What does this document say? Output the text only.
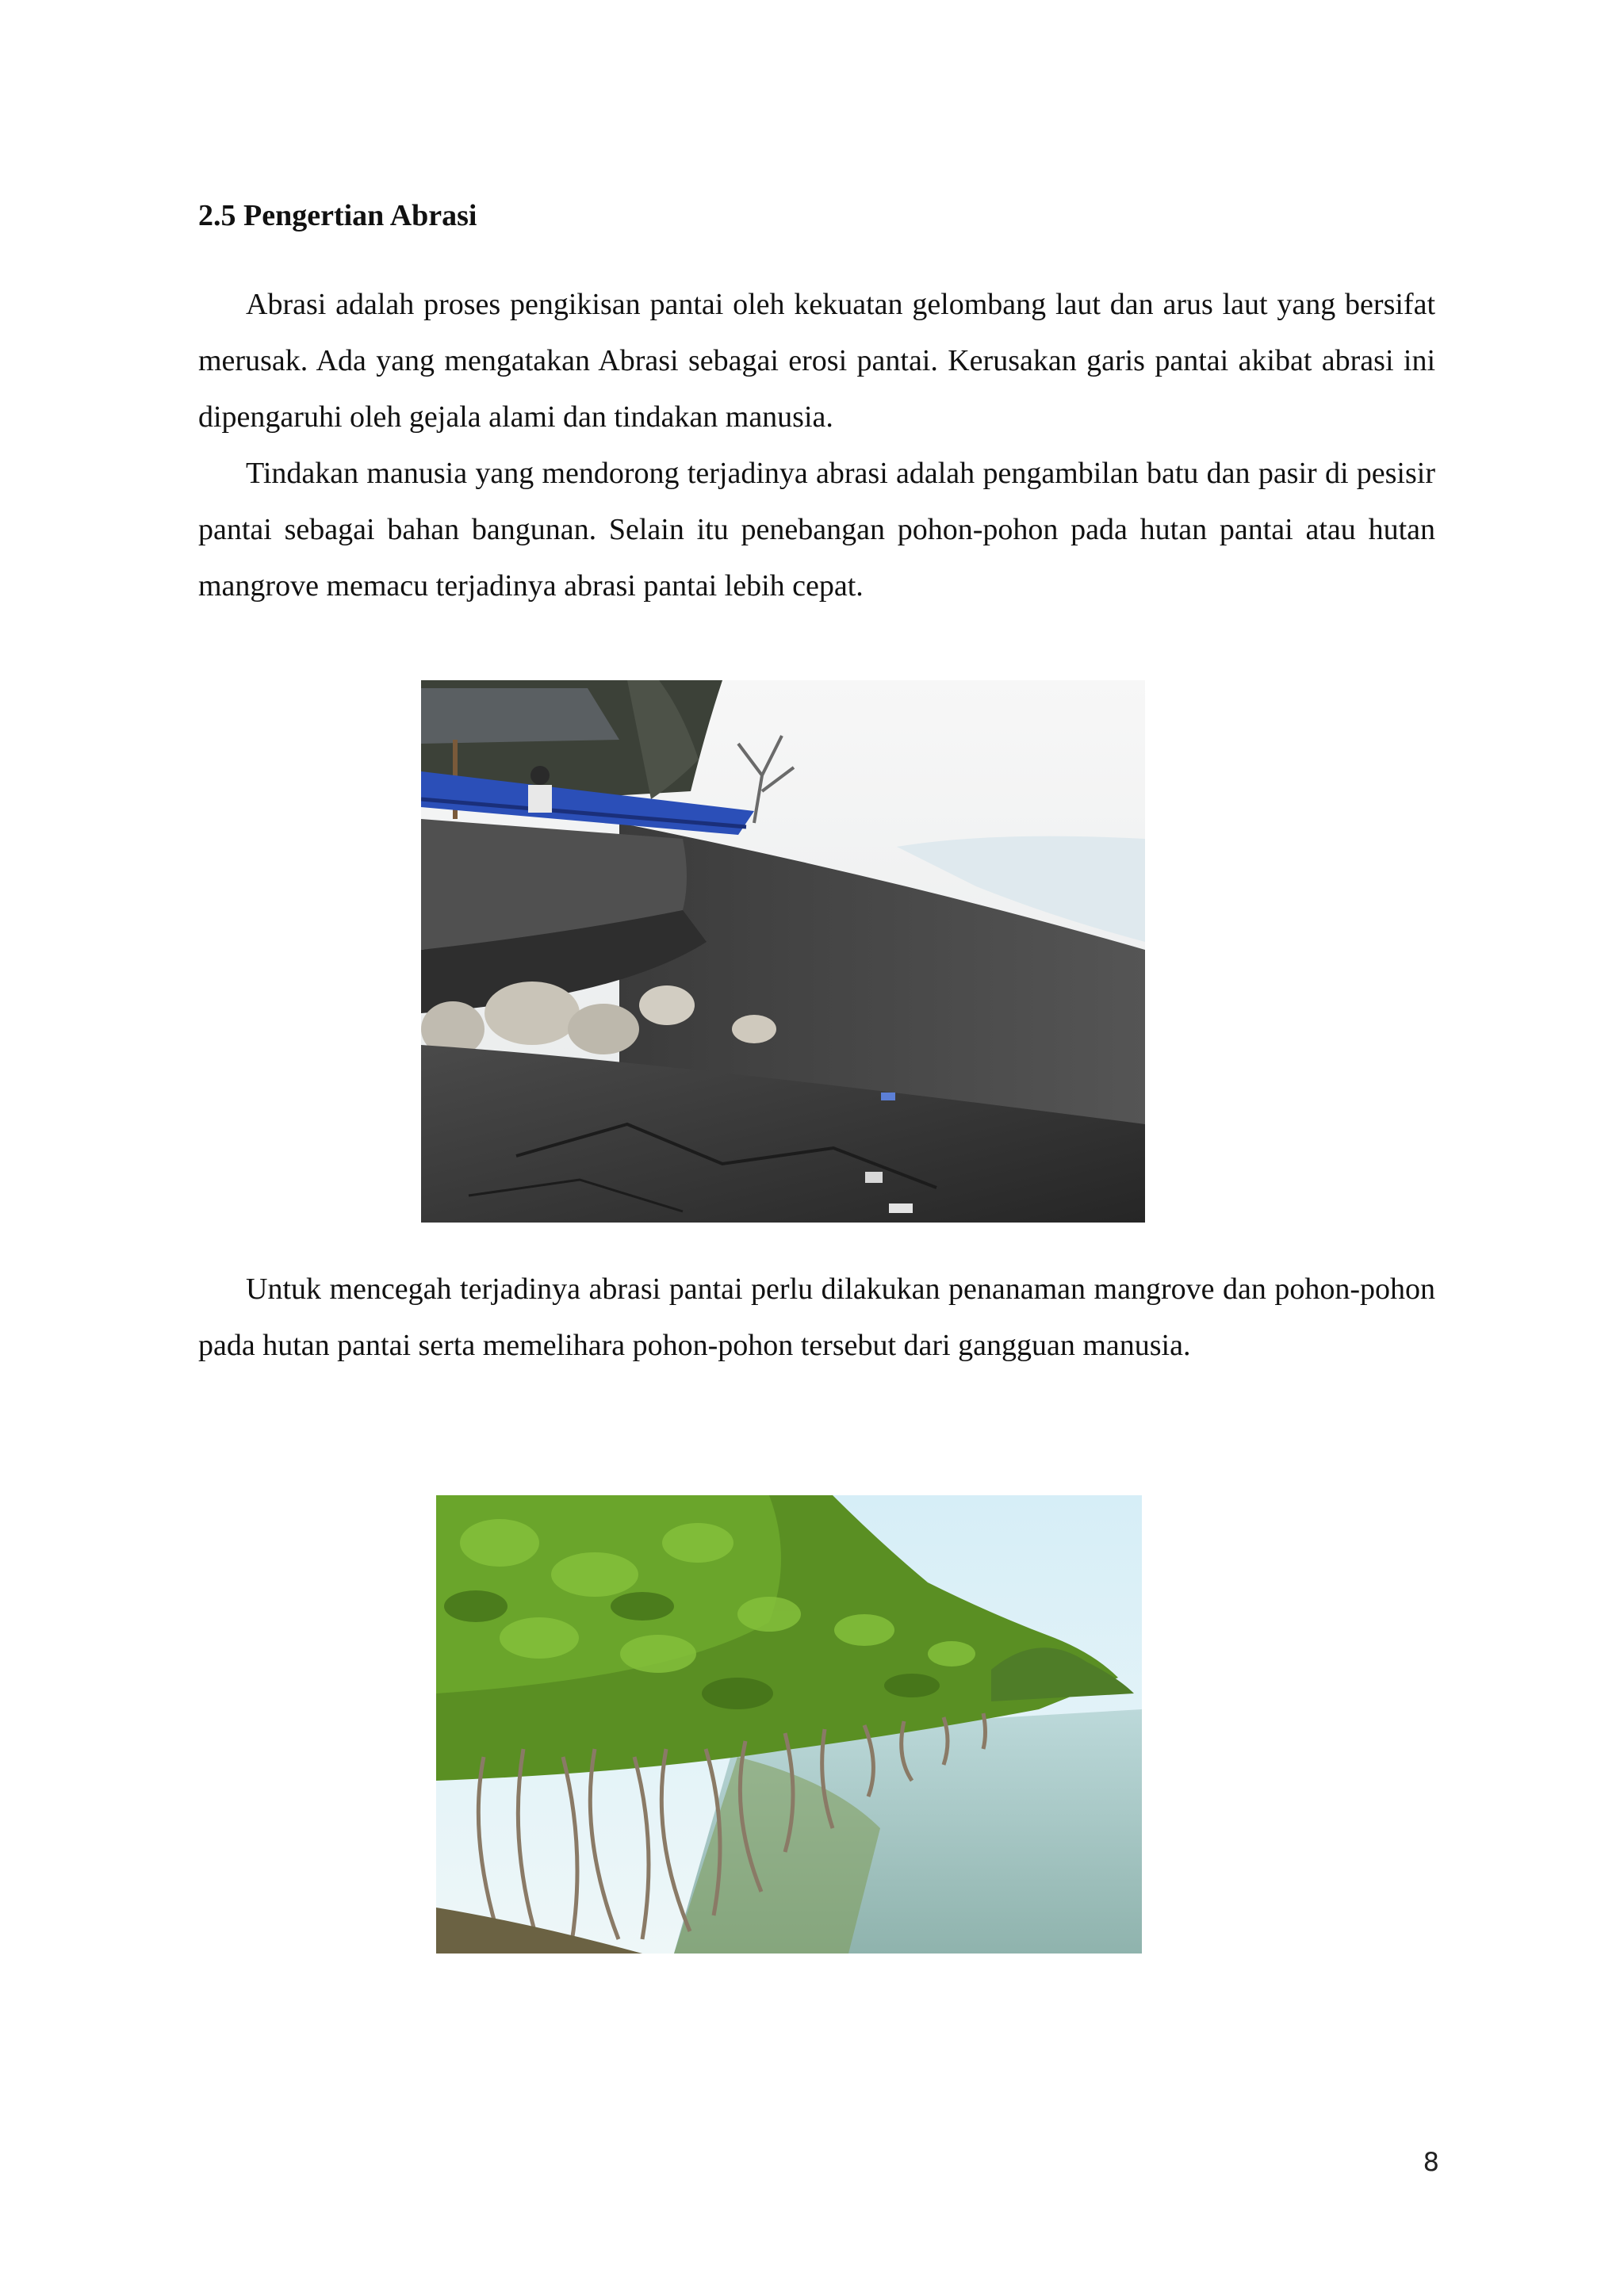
2.5 Pengertian Abrasi

Abrasi adalah proses pengikisan pantai oleh kekuatan gelombang laut dan arus laut yang bersifat merusak. Ada yang mengatakan Abrasi sebagai erosi pantai. Kerusakan garis pantai akibat abrasi ini dipengaruhi oleh gejala alami dan tindakan manusia.

Tindakan manusia yang mendorong terjadinya abrasi adalah pengambilan batu dan pasir di pesisir pantai sebagai bahan bangunan. Selain itu penebangan pohon-pohon pada hutan pantai atau hutan mangrove memacu terjadinya abrasi pantai lebih cepat.

Untuk mencegah terjadinya abrasi pantai perlu dilakukan penanaman mangrove dan pohon-pohon pada hutan pantai serta memelihara pohon-pohon tersebut dari gangguan manusia.

8
